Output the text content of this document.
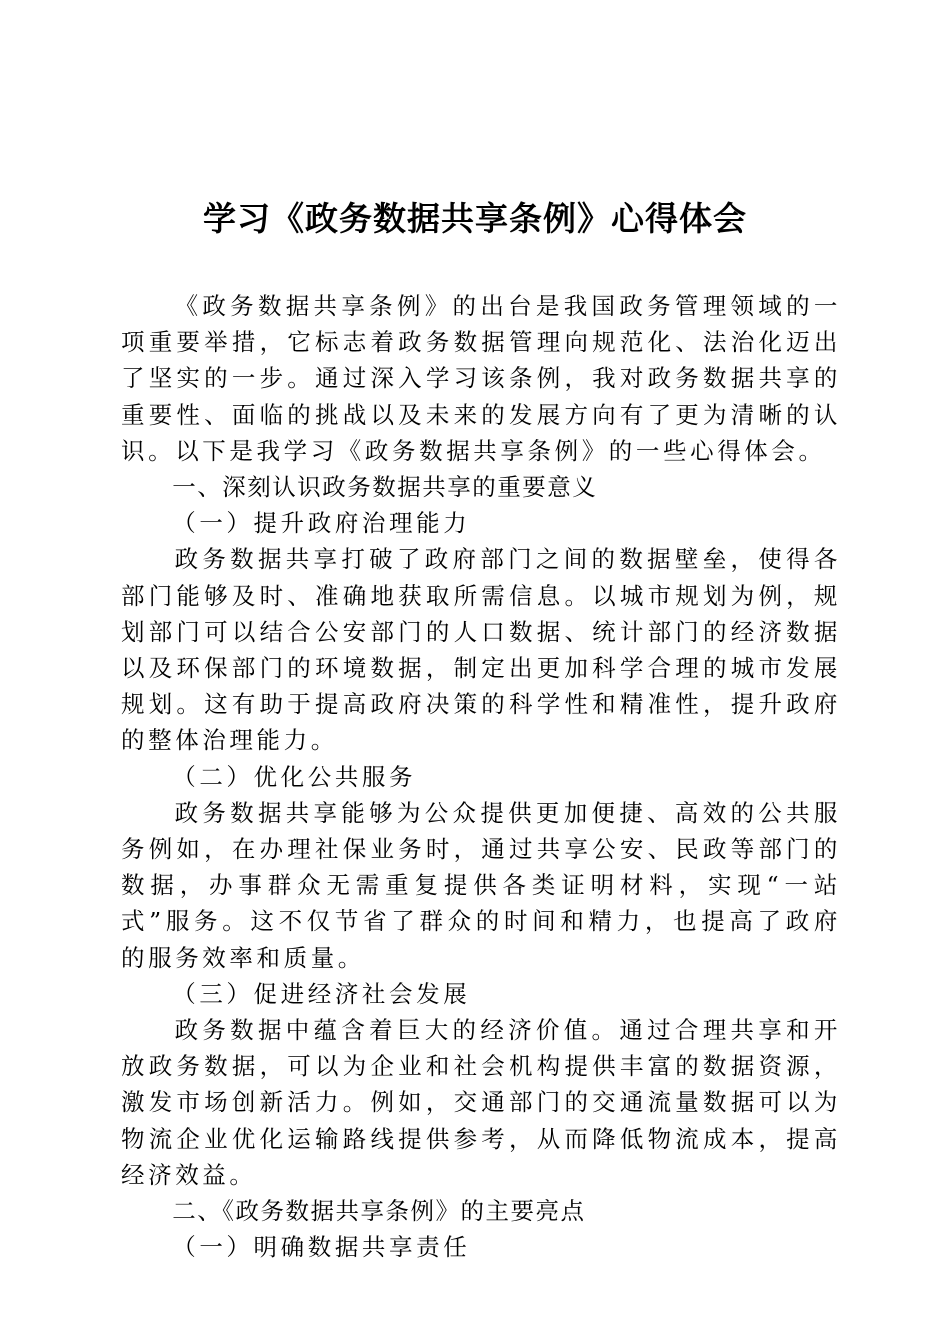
学习《政务数据共享条例》心得体会

《政务数据共享条例》的出台是我国政务管理领域的一项重要举措，它标志着政务数据管理向规范化、法治化迈出了坚实的一步。通过深入学习该条例，我对政务数据共享的重要性、面临的挑战以及未来的发展方向有了更为清晰的认识。以下是我学习《政务数据共享条例》的一些心得体会。

一、深刻认识政务数据共享的重要意义

（一）提升政府治理能力

政务数据共享打破了政府部门之间的数据壁垒，使得各部门能够及时、准确地获取所需信息。以城市规划为例，规划部门可以结合公安部门的人口数据、统计部门的经济数据以及环保部门的环境数据，制定出更加科学合理的城市发展规划。这有助于提高政府决策的科学性和精准性，提升政府的整体治理能力。

（二）优化公共服务

政务数据共享能够为公众提供更加便捷、高效的公共服务例如，在办理社保业务时，通过共享公安、民政等部门的数据，办事群众无需重复提供各类证明材料，实现“一站式”服务。这不仅节省了群众的时间和精力，也提高了政府的服务效率和质量。

（三）促进经济社会发展

政务数据中蕴含着巨大的经济价值。通过合理共享和开放政务数据，可以为企业和社会机构提供丰富的数据资源，激发市场创新活力。例如，交通部门的交通流量数据可以为物流企业优化运输路线提供参考，从而降低物流成本，提高经济效益。

二、《政务数据共享条例》的主要亮点

（一）明确数据共享责任
